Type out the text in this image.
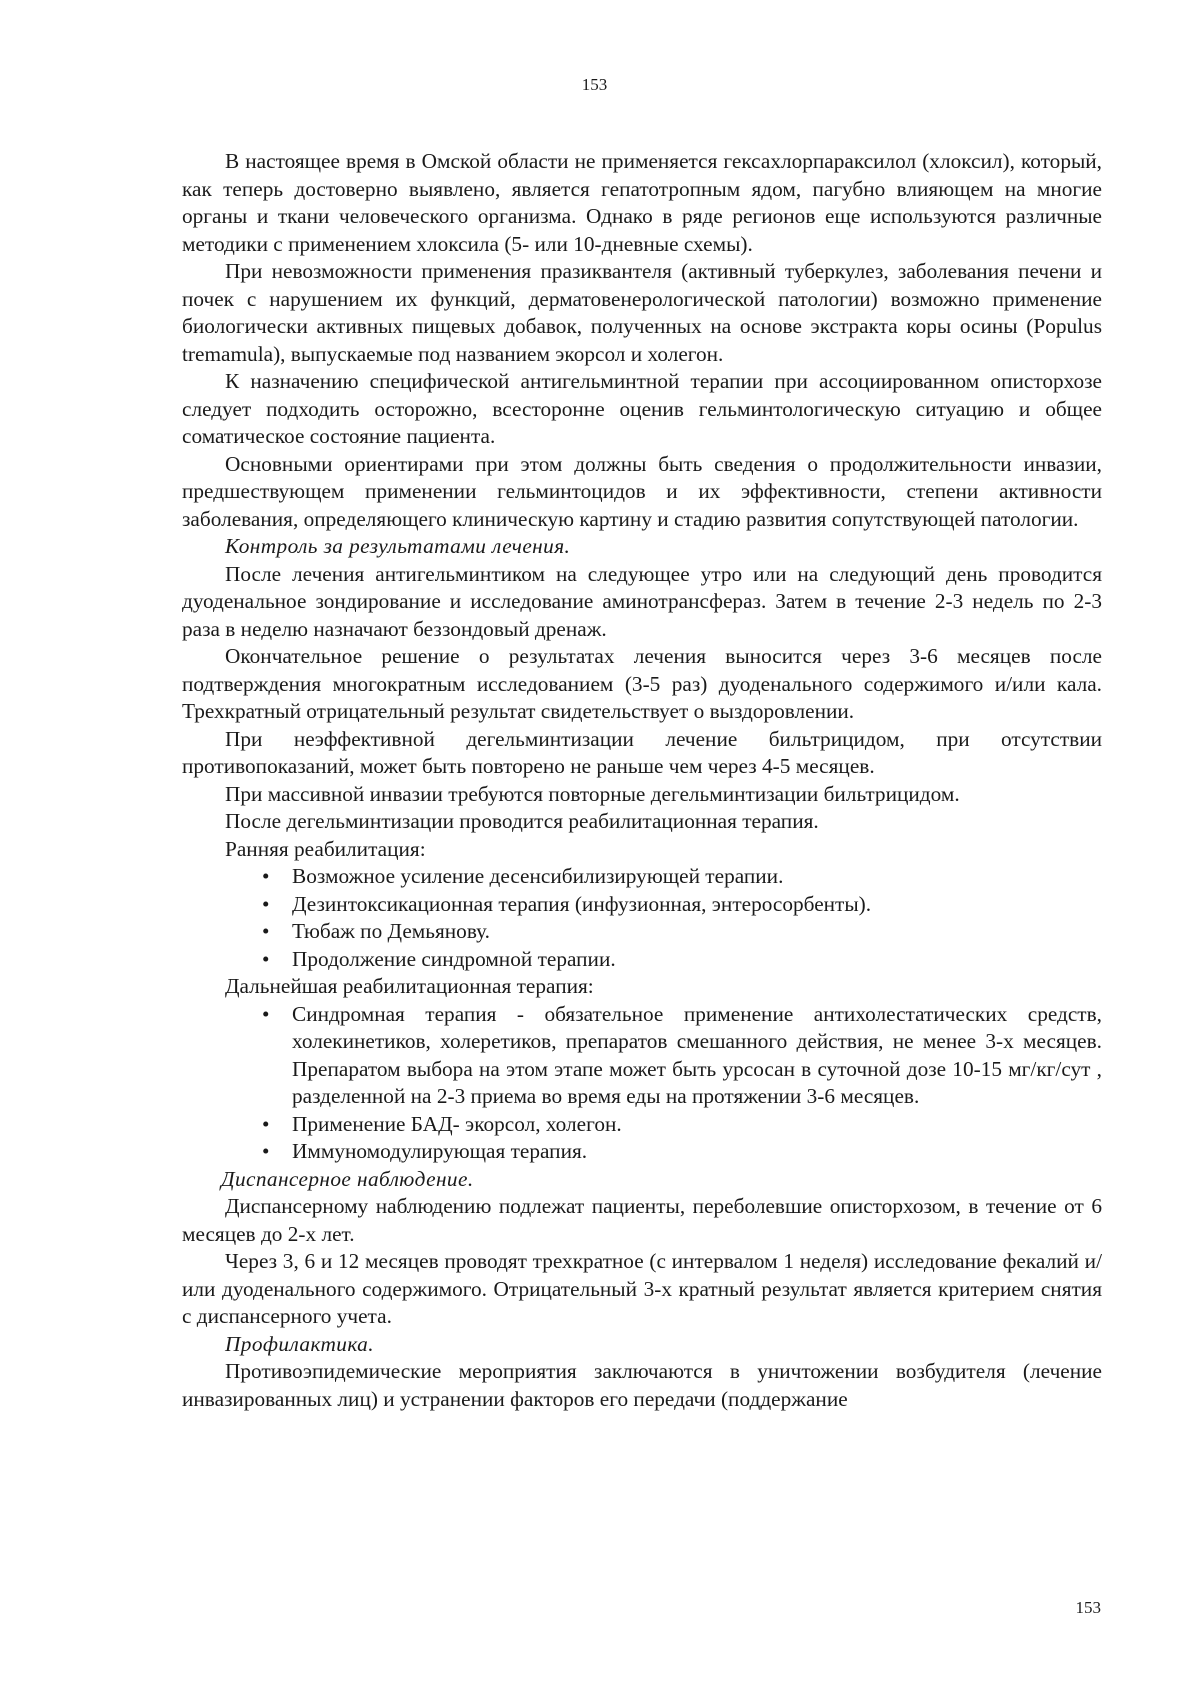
153

В настоящее время в Омской области не применяется гексахлорпараксилол (хлоксил), который, как теперь достоверно выявлено, является гепатотропным ядом, пагубно влияющем на многие органы и ткани человеческого организма. Однако в ряде регионов еще используются различные методики с применением хлоксила (5- или 10-дневные схемы).

При невозможности применения празиквантеля (активный туберкулез, заболевания печени и почек с нарушением их функций, дерматовенерологической патологии) возможно применение биологически активных пищевых добавок, полученных на основе экстракта коры осины (Populus tremamula), выпускаемые под названием экорсол и холегон.

К назначению специфической антигельминтной терапии при ассоциированном описторхозе следует подходить осторожно, всесторонне оценив гельминтологическую ситуацию и общее соматическое состояние пациента.

Основными ориентирами при этом должны быть сведения о продолжительности инвазии, предшествующем применении гельминтоцидов и их эффективности, степени активности заболевания, определяющего клиническую картину и стадию развития сопутствующей патологии.

Контроль за результатами лечения.

После лечения антигельминтиком на следующее утро или на следующий день проводится дуоденальное зондирование и исследование аминотрансфераз. Затем в течение 2-3 недель по 2-3 раза в неделю назначают беззондовый дренаж.

Окончательное решение о результатах лечения выносится через 3-6 месяцев после подтверждения многократным исследованием (3-5 раз) дуоденального содержимого и/или кала. Трехкратный отрицательный результат свидетельствует о выздоровлении.

При неэффективной дегельминтизации лечение бильтрицидом, при отсутствии противопоказаний, может быть повторено не раньше чем через 4-5 месяцев.

При массивной инвазии требуются повторные дегельминтизации бильтрицидом.

После дегельминтизации проводится реабилитационная терапия.

Ранняя реабилитация:

• Возможное усиление десенсибилизирующей терапии.
• Дезинтоксикационная терапия (инфузионная, энтеросорбенты).
• Тюбаж по Демьянову.
• Продолжение синдромной терапии.

Дальнейшая реабилитационная терапия:

• Синдромная терапия - обязательное применение антихолестатических средств, холекинетиков, холеретиков, препаратов смешанного действия, не менее 3-х месяцев. Препаратом выбора на этом этапе может быть урсосан в суточной дозе 10-15 мг/кг/сут , разделенной на 2-3 приема во время еды на протяжении 3-6 месяцев.
• Применение БАД- экорсол, холегон.
• Иммуномодулирующая терапия.

Диспансерное наблюдение.

Диспансерному наблюдению подлежат пациенты, переболевшие описторхозом, в течение от 6 месяцев до 2-х лет.

Через 3, 6 и 12 месяцев проводят трехкратное (с интервалом 1 неделя) исследование фекалий и/или дуоденального содержимого. Отрицательный 3-х кратный результат является критерием снятия с диспансерного учета.

Профилактика.

Противоэпидемические мероприятия заключаются в уничтожении возбудителя (лечение инвазированных лиц) и устранении факторов его передачи (поддержание

153
